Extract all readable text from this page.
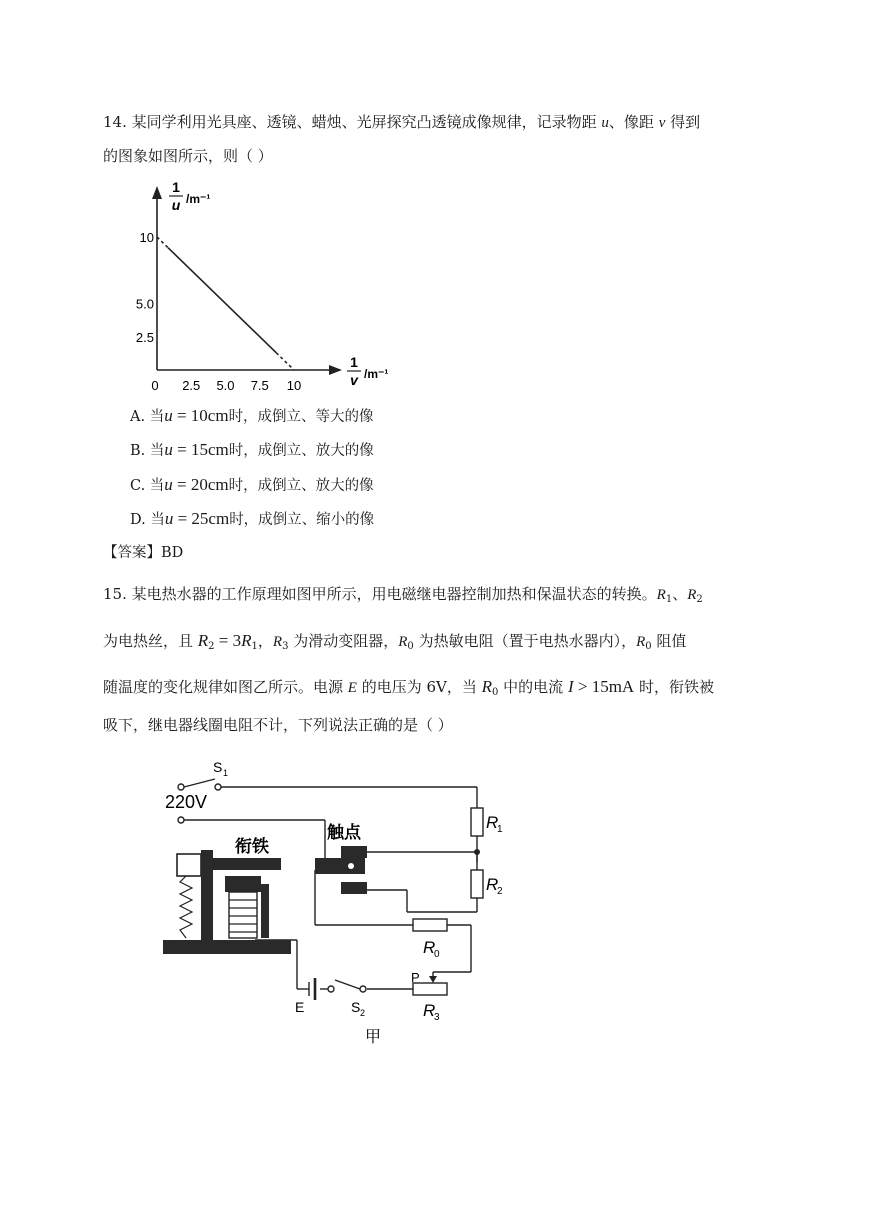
14. 某同学利用光具座、透镜、蜡烛、光屏探究凸透镜成像规律，记录物距 u、像距 v 得到
的图象如图所示，则（ ）
1
u /m⁻¹
1
v /m⁻¹
0 2.5 5.0 7.5 10
2.5
5.0
10
A. 当u = 10cm时，成倒立、等大的像
B. 当u = 15cm时，成倒立、放大的像
C. 当u = 20cm时，成倒立、放大的像
D. 当u = 25cm时，成倒立、缩小的像
【答案】BD
15. 某电热水器的工作原理如图甲所示，用电磁继电器控制加热和保温状态的转换。$R_1$、$R_2$
为电热丝，且 $R_2 = 3R_1$，$R_3$ 为滑动变阻器，$R_0$ 为热敏电阻（置于电热水器内），$R_0$ 阻值
随温度的变化规律如图乙所示。电源 E 的电压为 6V，当 $R_0$ 中的电流 I > 15mA 时，衔铁被
吸下，继电器线圈电阻不计，下列说法正确的是（ ）
S 1
220V
衔铁
触点
R
1
R
2
R
0
P
R
3
E	S 2
甲
